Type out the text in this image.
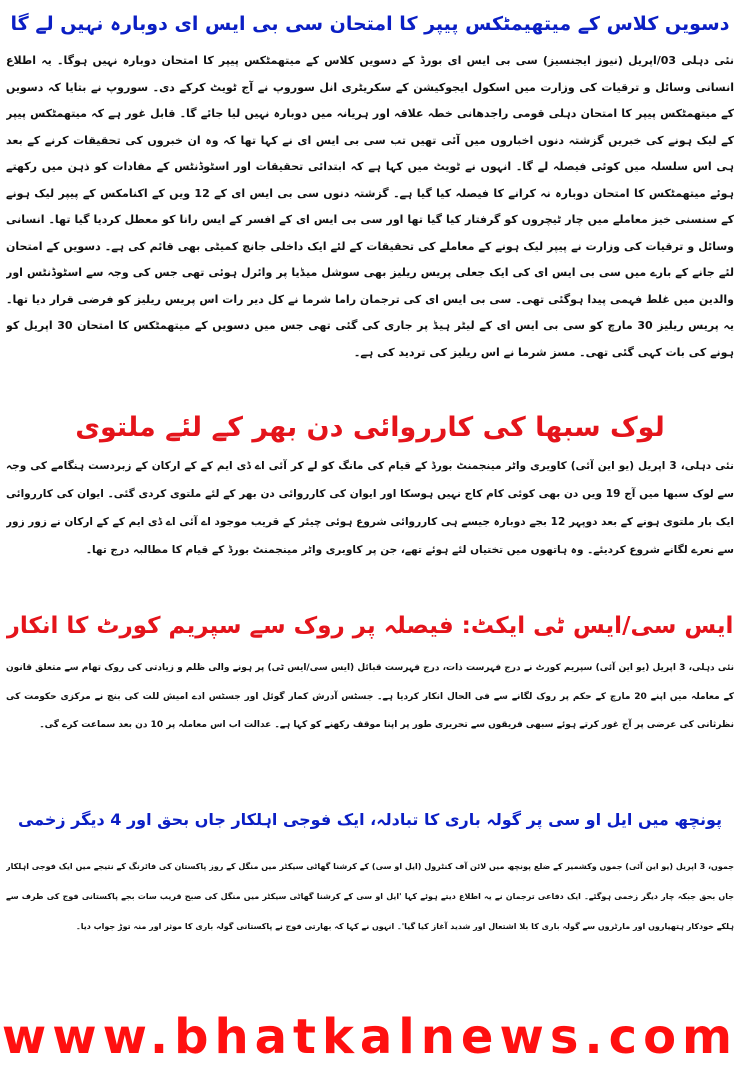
دسویں کلاس کے میتھیمٹکس پیپر کا امتحان سی بی ایس ای دوبارہ نہیں لے گا

نئی دہلی 03/اپریل (نیوز ایجنسیز) سی بی ایس ای بورڈ کے دسویں کلاس کے میتھمٹکس پیپر کا امتحان دوبارہ نہیں ہوگا۔ یہ اطلاع انسانی وسائل و ترقیات کی وزارت میں اسکول ایجوکیشن کے سکریٹری انل سوروپ نے آج ٹویٹ کرکے دی۔ سوروپ نے بتایا کہ دسویں کے میتھمٹکس پیپر کا امتحان دہلی قومی راجدھانی خطہ علاقہ اور ہریانہ میں دوبارہ نہیں لیا جائے گا۔ قابل غور ہے کہ میتھمٹکس پیپر کے لیک ہونے کی خبریں گزشتہ دنوں اخباروں میں آئی تھیں تب سی بی ایس ای نے کہا تھا کہ وہ ان خبروں کی تحقیقات کرنے کے بعد ہی اس سلسلہ میں کوئی فیصلہ لے گا۔ انہوں نے ٹویٹ میں کہا ہے کہ ابتدائی تحقیقات اور اسٹوڈنٹس کے مفادات کو ذہن میں رکھتے ہوئے میتھمٹکس کا امتحان دوبارہ نہ کرانے کا فیصلہ کیا گیا ہے۔ گزشتہ دنوں سی بی ایس ای کے 12 ویں کے اکنامکس کے پیپر لیک ہونے کے سنسنی خیز معاملے میں چار ٹیچروں کو گرفتار کیا گیا تھا اور سی بی ایس ای کے افسر کے ایس رانا کو معطل کردیا گیا تھا۔ انسانی وسائل و ترقیات کی وزارت نے پیپر لیک ہونے کے معاملے کی تحقیقات کے لئے ایک داخلی جانچ کمیٹی بھی قائم کی ہے۔ دسویں کے امتحان لئے جانے کے بارے میں سی بی ایس ای کی ایک جعلی پریس ریلیز بھی سوشل میڈیا پر وائرل ہوئی تھی جس کی وجہ سے اسٹوڈنٹس اور والدین میں غلط فہمی پیدا ہوگئی تھی۔ سی بی ایس ای کی ترجمان راما شرما نے کل دیر رات اس پریس ریلیز کو فرضی قرار دیا تھا۔ یہ پریس ریلیز 30 مارچ کو سی بی ایس ای کے لیٹر ہیڈ پر جاری کی گئی تھی جس میں دسویں کے میتھمٹکس کا امتحان 30 اپریل کو ہونے کی بات کہی گئی تھی۔ مسز شرما نے اس ریلیز کی تردید کی ہے۔

لوک سبھا کی کارروائی دن بھر کے لئے ملتوی

نئی دہلی، 3 اپریل (یو این آئی) کاویری واٹر مینجمنٹ بورڈ کے قیام کی مانگ کو لے کر آئی اے ڈی ایم کے کے ارکان کے زبردست ہنگامے کی وجہ سے لوک سبھا میں آج 19 ویں دن بھی کوئی کام کاج نہیں ہوسکا اور ایوان کی کارروائی دن بھر کے لئے ملتوی کردی گئی۔ ایوان کی کارروائی ایک بار ملتوی ہونے کے بعد دوپہر 12 بجے دوبارہ جیسے ہی کارروائی شروع ہوئی چیئر کے قریب موجود اے آئی اے ڈی ایم کے کے ارکان نے زور زور سے نعرے لگانے شروع کردیئے۔ وہ ہاتھوں میں تختیاں لئے ہوئے تھے، جن پر کاویری واٹر مینجمنٹ بورڈ کے قیام کا مطالبہ درج تھا۔

ایس سی/ایس ٹی ایکٹ: فیصلہ پر روک سے سپریم کورٹ کا انکار

نئی دہلی، 3 اپریل (یو این آئی) سپریم کورٹ نے درج فہرست ذات، درج فہرست قبائل (ایس سی/ایس ٹی) پر ہونے والی ظلم و زیادتی کی روک تھام سے متعلق قانون کے معاملہ میں اپنے 20 مارچ کے حکم پر روک لگانے سے فی الحال انکار کردیا ہے۔ جسٹس آدرش کمار گوئل اور جسٹس ادے امیش للت کی بنچ نے مرکزی حکومت کی نظرثانی کی عرضی پر آج غور کرتے ہوئے سبھی فریقوں سے تحریری طور پر اپنا موقف رکھنے کو کہا ہے۔ عدالت اب اس معاملہ پر 10 دن بعد سماعت کرے گی۔

پونچھ میں ایل او سی پر گولہ باری کا تبادلہ، ایک فوجی اہلکار جاں بحق اور 4 دیگر زخمی

جموں، 3 اپریل (یو این آئی) جموں وکشمیر کے ضلع پونچھ میں لائن آف کنٹرول (ایل او سی) کے کرشنا گھاٹی سیکٹر میں منگل کے روز پاکستان کی فائرنگ کے نتیجے میں ایک فوجی اہلکار جاں بحق جبکہ چار دیگر زخمی ہوگئے۔ ایک دفاعی ترجمان نے یہ اطلاع دیتے ہوئے کہا 'ایل او سی کے کرشنا گھاٹی سیکٹر میں منگل کی صبح قریب سات بجے پاکستانی فوج کی طرف سے ہلکے خودکار ہتھیاروں اور مارٹروں سے گولہ باری کا بلا اشتعال اور شدید آغاز کیا گیا'۔ انہوں نے کہا کہ بھارتی فوج نے پاکستانی گولہ باری کا موثر اور منہ توڑ جواب دیا۔

www.bhatkalnews.com
